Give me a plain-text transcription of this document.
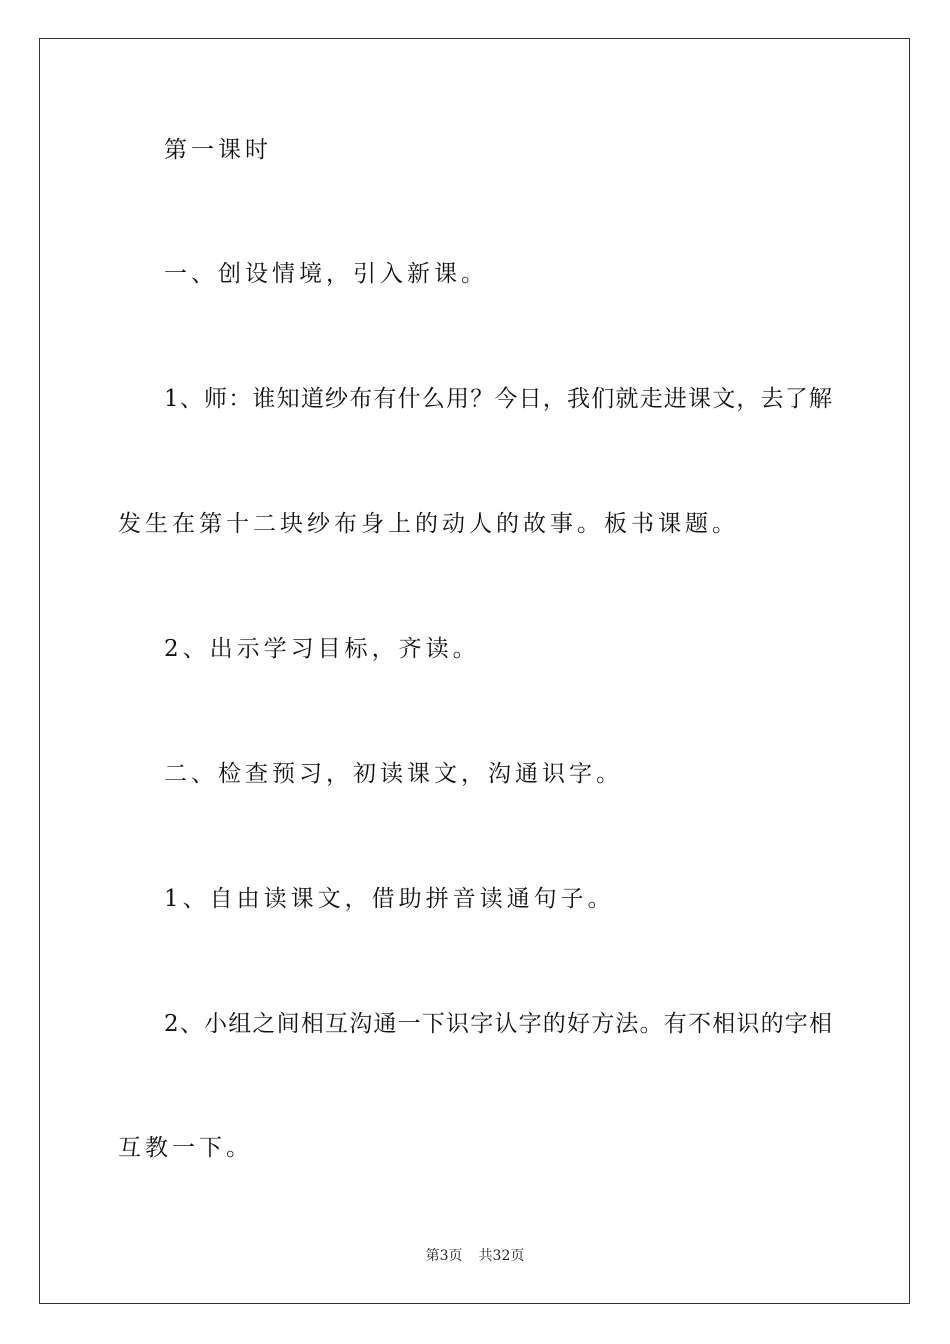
第一课时

一、创设情境，引入新课。

1、师：谁知道纱布有什么用？今日，我们就走进课文，去了解

发生在第十二块纱布身上的动人的故事。板书课题。

2、出示学习目标，齐读。

二、检查预习，初读课文，沟通识字。

1、自由读课文，借助拼音读通句子。

2、小组之间相互沟通一下识字认字的好方法。有不相识的字相

互教一下。

第3页 共32页
